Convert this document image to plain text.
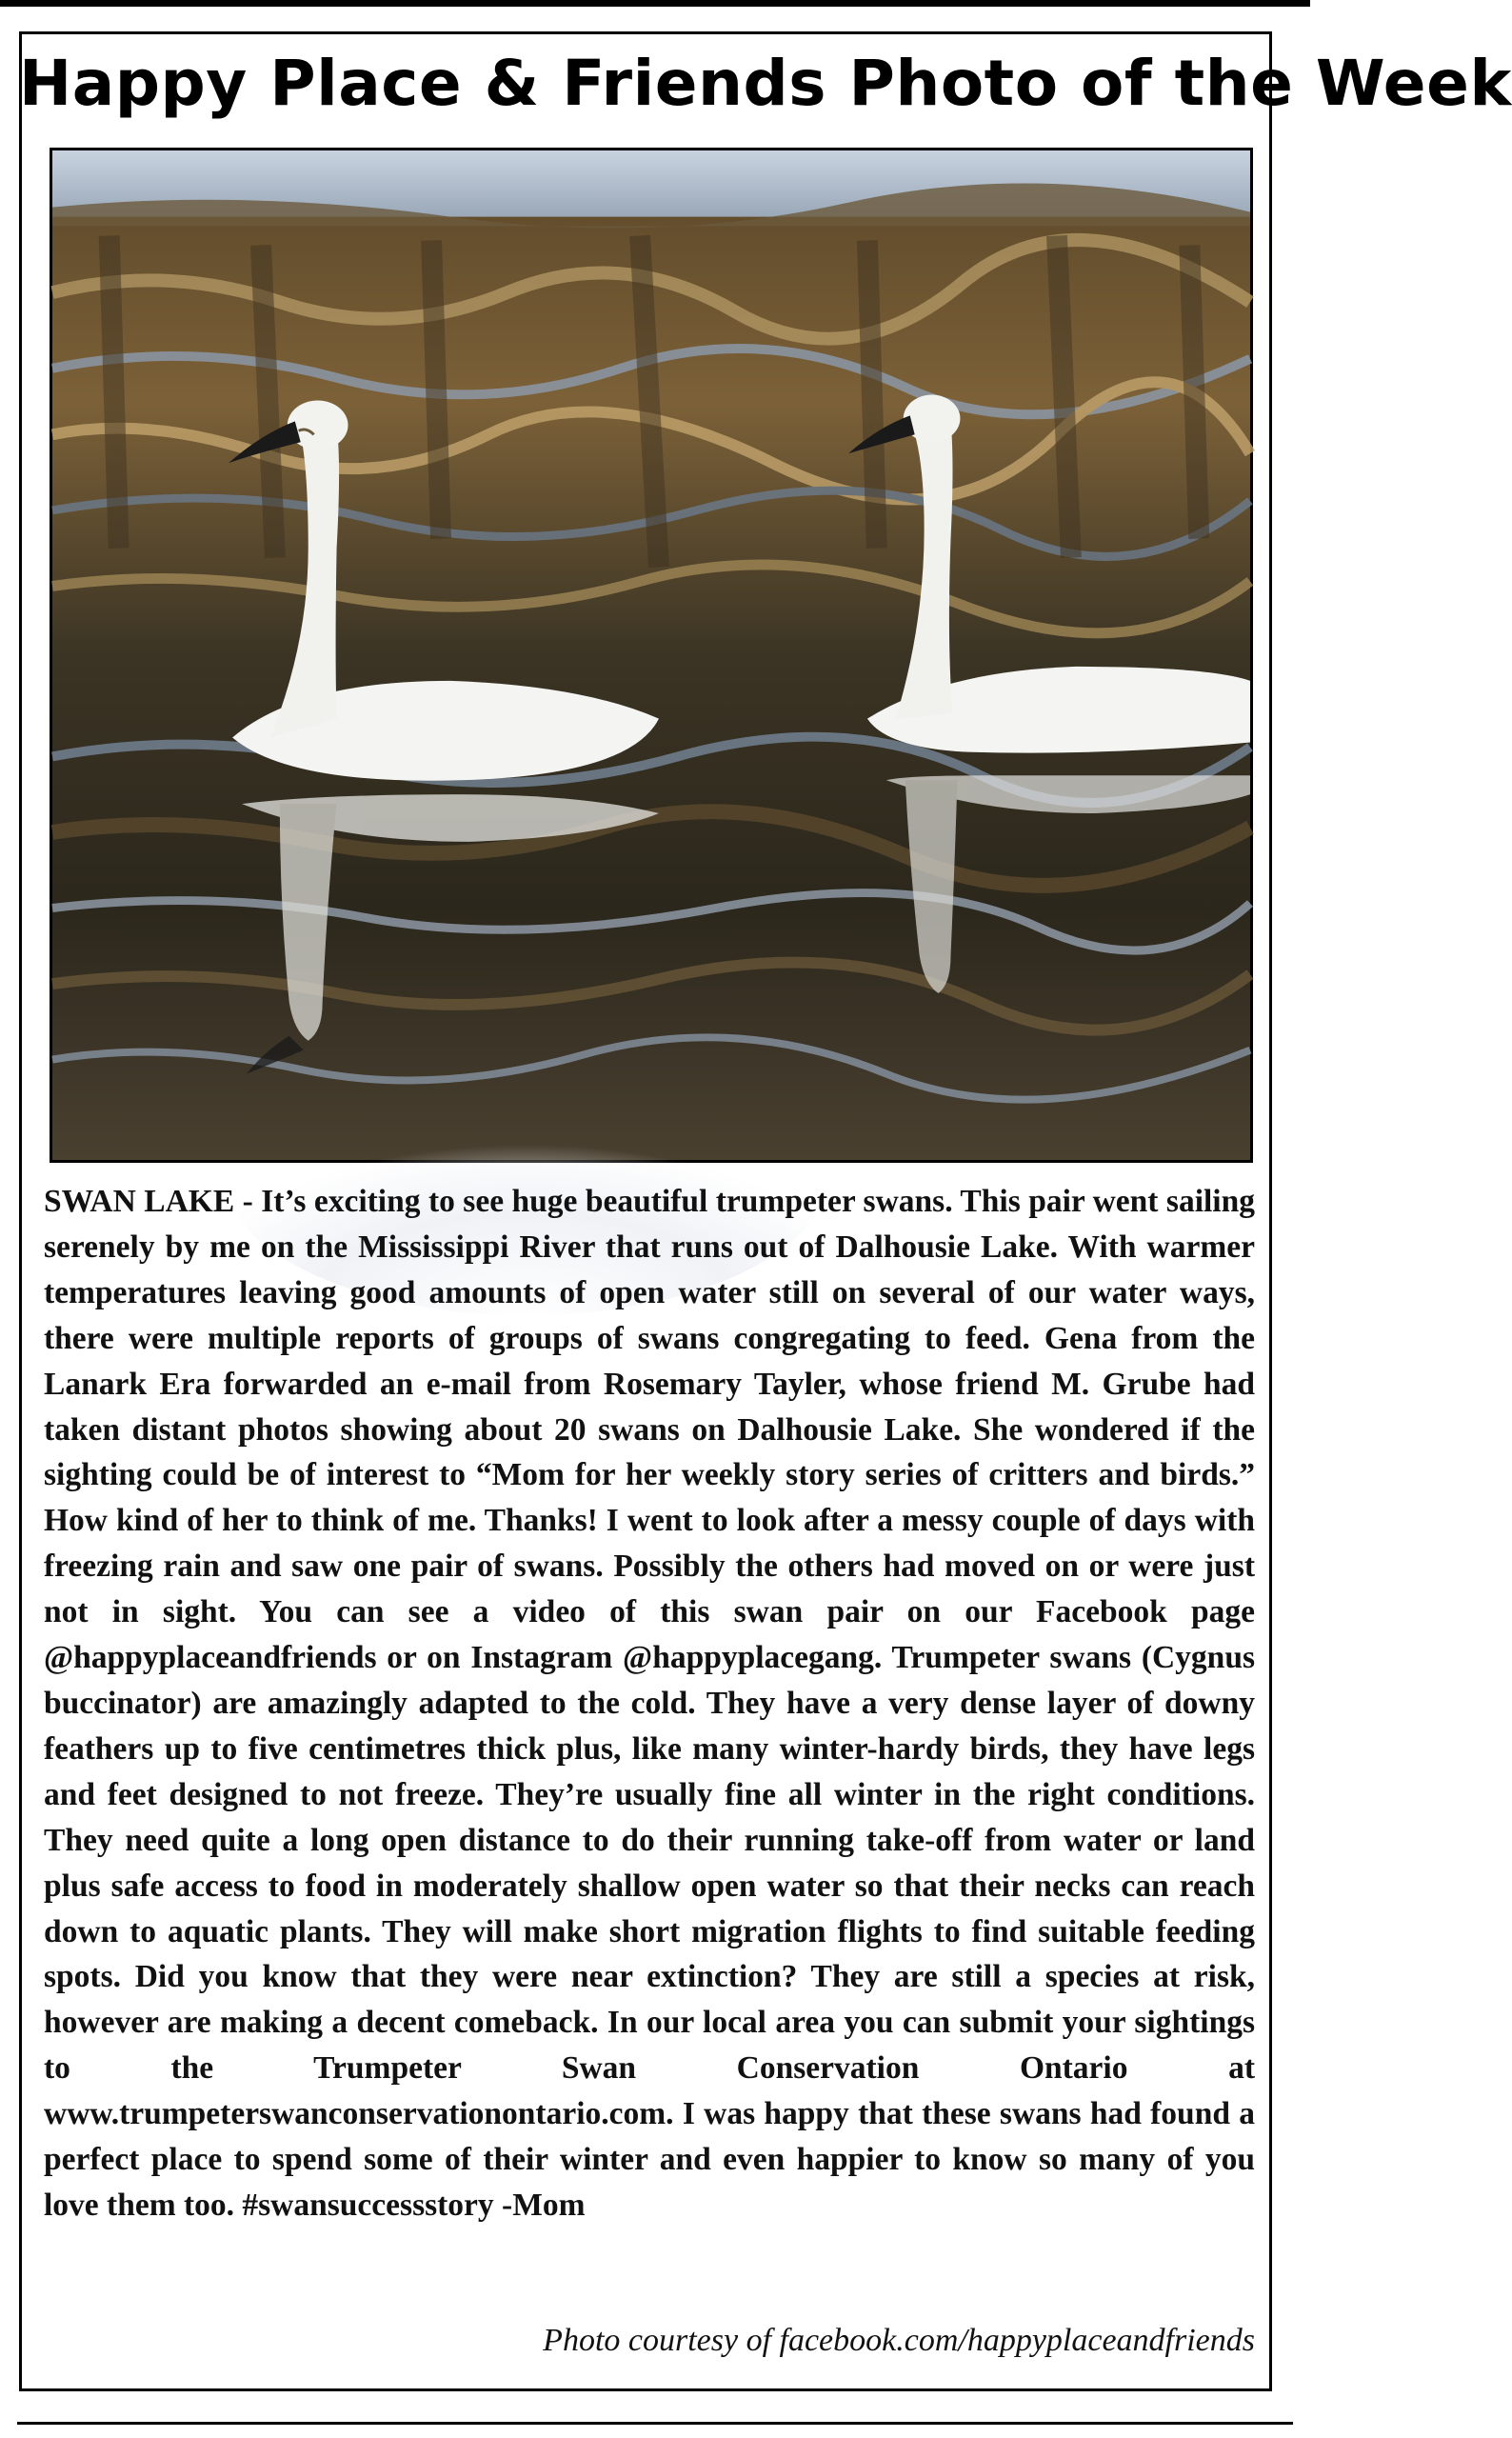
Happy Place & Friends Photo of the Week

SWAN LAKE - It’s exciting to see huge beautiful trumpeter swans. This pair went sailing serenely by me on the Mississippi River that runs out of Dalhousie Lake. With warmer temperatures leaving good amounts of open water still on several of our water ways, there were multiple reports of groups of swans congregating to feed. Gena from the Lanark Era forwarded an e-mail from Rosemary Tayler, whose friend M. Grube had taken distant photos showing about 20 swans on Dalhousie Lake. She wondered if the sighting could be of interest to “Mom for her weekly story series of critters and birds.” How kind of her to think of me. Thanks! I went to look after a messy couple of days with freezing rain and saw one pair of swans. Possibly the others had moved on or were just not in sight. You can see a video of this swan pair on our Facebook page @happyplaceandfriends or on Instagram @happyplacegang. Trumpeter swans (Cygnus buccinator) are amazingly adapted to the cold. They have a very dense layer of downy feathers up to five centimetres thick plus, like many winter-hardy birds, they have legs and feet designed to not freeze. They’re usually fine all winter in the right conditions. They need quite a long open distance to do their running take-off from water or land plus safe access to food in moderately shallow open water so that their necks can reach down to aquatic plants. They will make short migration flights to find suitable feeding spots. Did you know that they were near extinction? They are still a species at risk, however are making a decent comeback. In our local area you can submit your sightings to the Trumpeter Swan Conservation Ontario at www.trumpeterswanconservationontario.com. I was happy that these swans had found a perfect place to spend some of their winter and even happier to know so many of you love them too. #swansuccessstory -Mom

Photo courtesy of facebook.com/happyplaceandfriends
